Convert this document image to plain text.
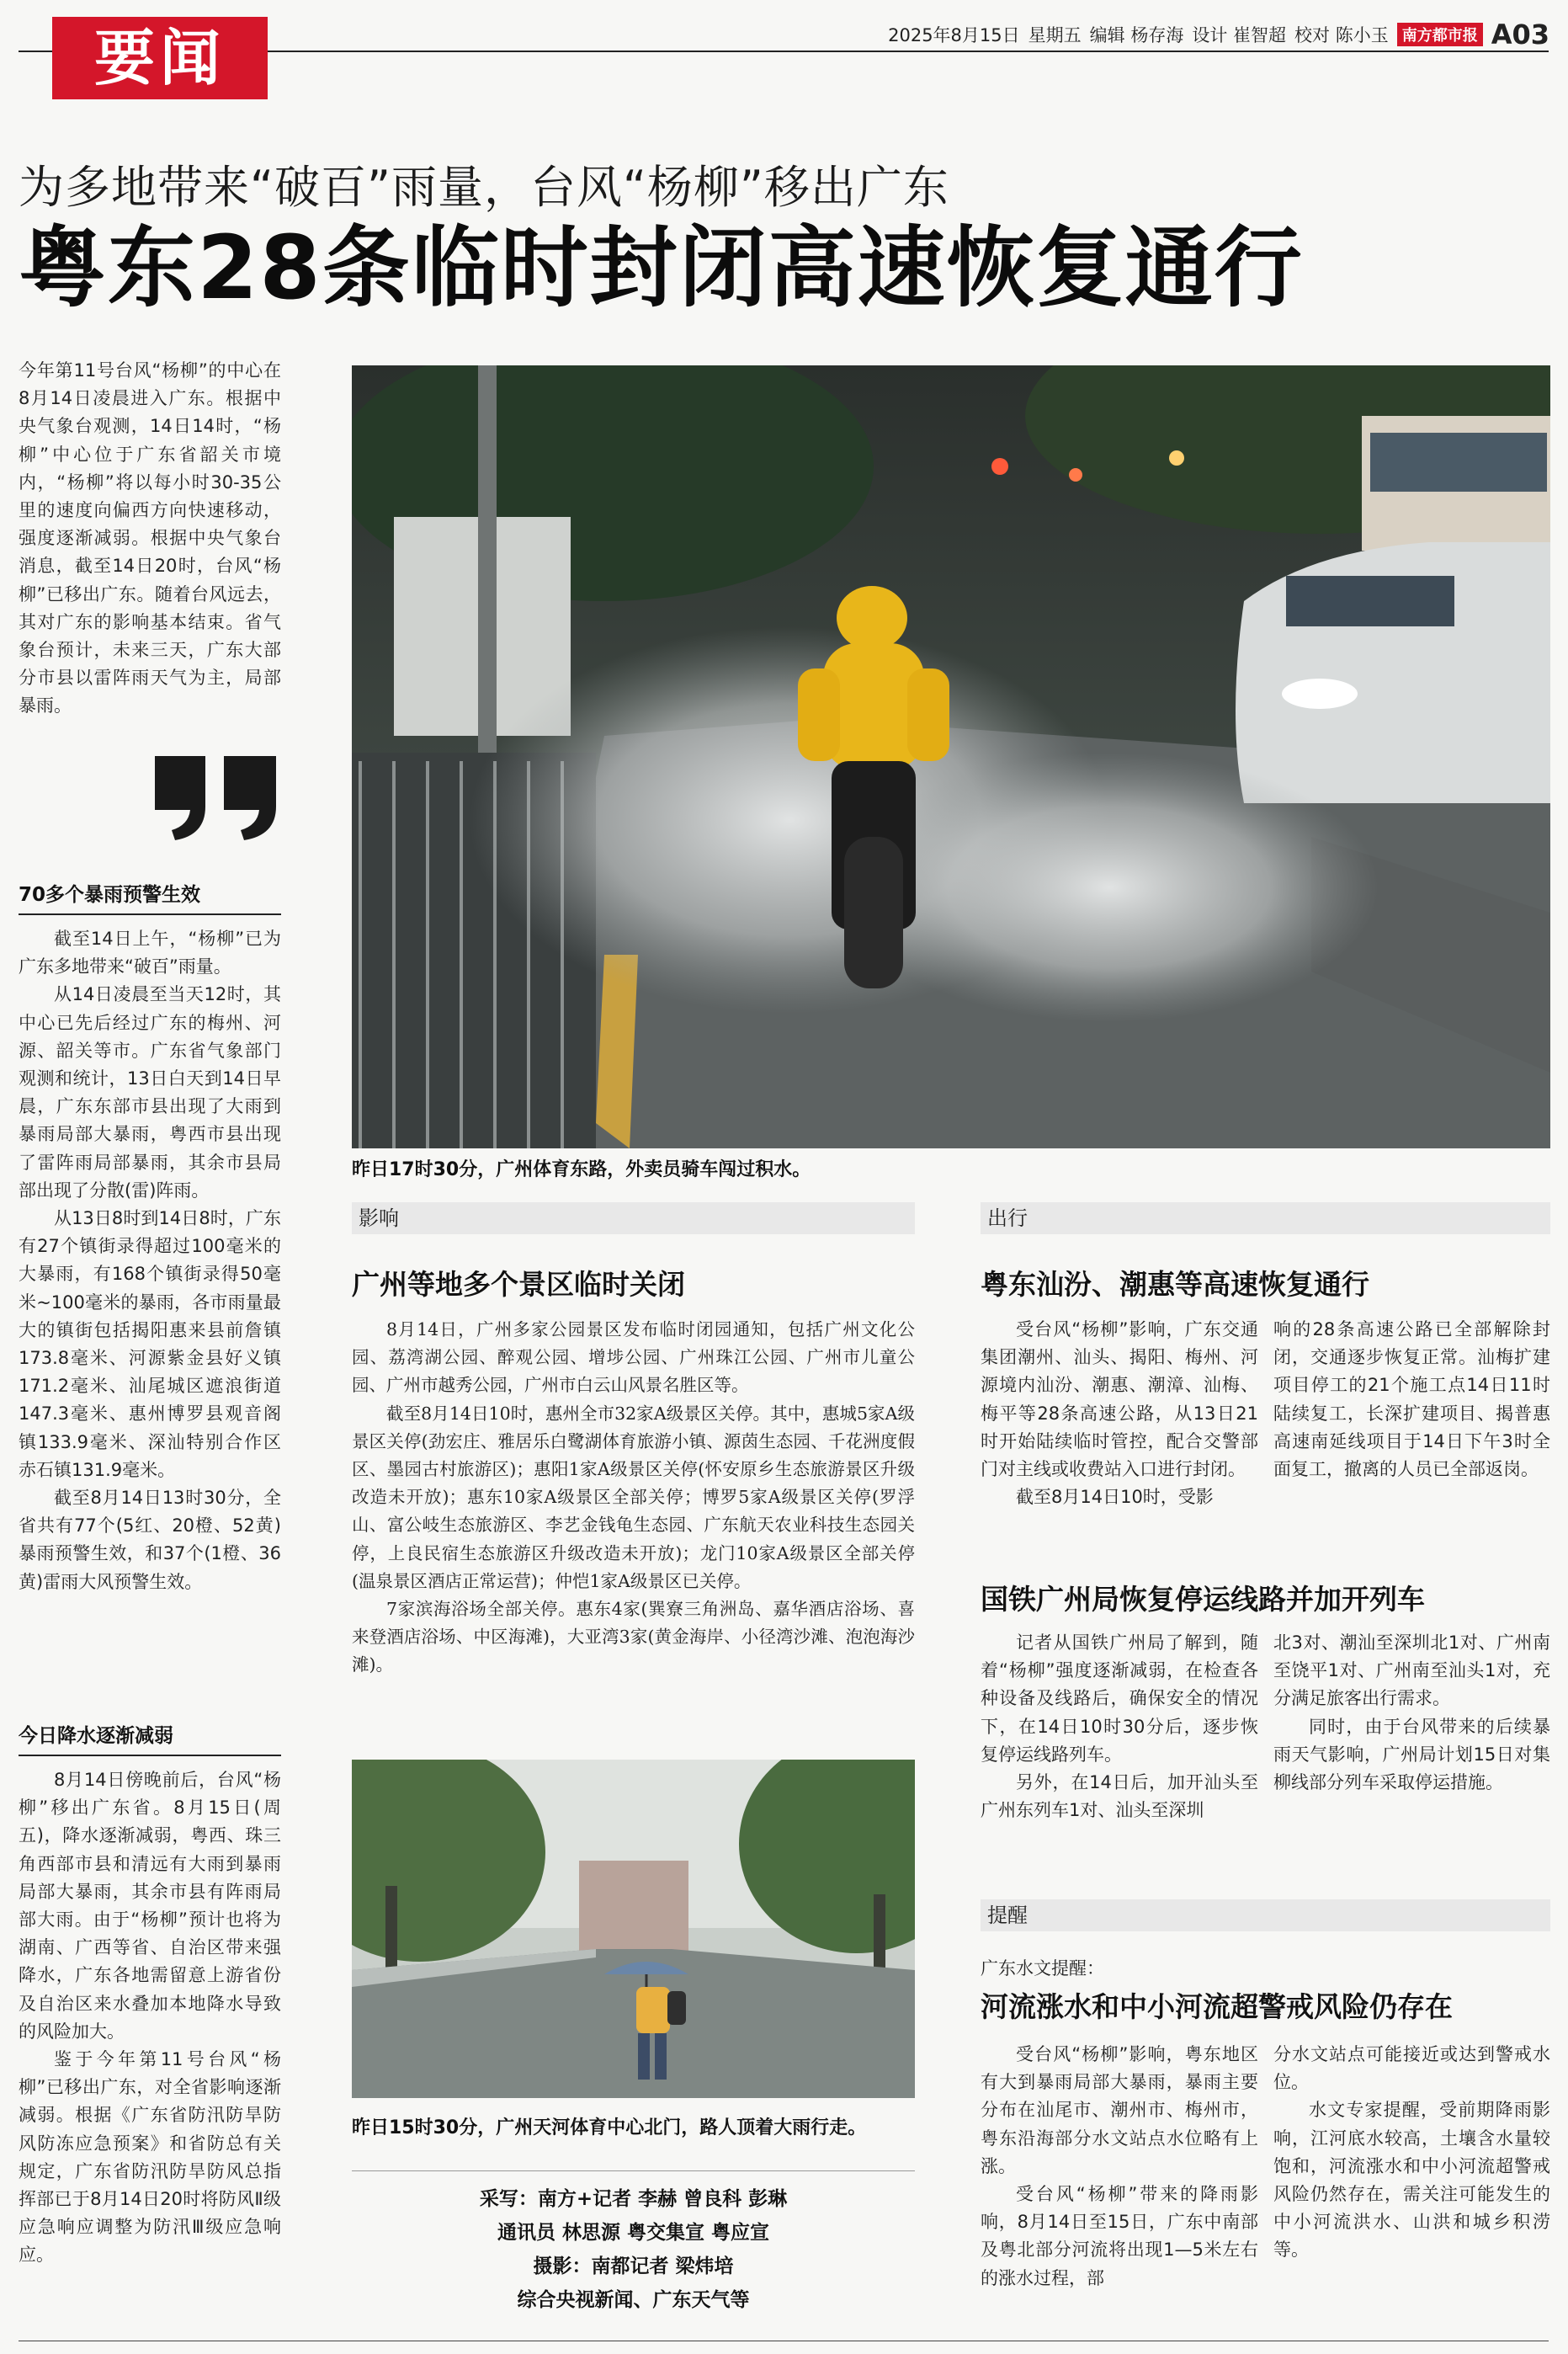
要闻	2025年8月15日 星期五 编辑 杨存海 设计 崔智超 校对 陈小玉 南方都市报 A03
为多地带来“破百”雨量，台风“杨柳”移出广东
粤东28条临时封闭高速恢复通行
今年第11号台风“杨柳”的中心在8月14日凌晨进入广东。根据中央气象台观测，14日14时，“杨柳”中心位于广东省韶关市境内，“杨柳”将以每小时30-35公里的速度向偏西方向快速移动，强度逐渐减弱。根据中央气象台消息，截至14日20时，台风“杨柳”已移出广东。随着台风远去，其对广东的影响基本结束。省气象台预计，未来三天，广东大部分市县以雷阵雨天气为主，局部暴雨。
70多个暴雨预警生效

截至14日上午，“杨柳”已为广东多地带来“破百”雨量。

从14日凌晨至当天12时，其中心已先后经过广东的梅州、河源、韶关等市。广东省气象部门观测和统计，13日白天到14日早晨，广东东部市县出现了大雨到暴雨局部大暴雨，粤西市县出现了雷阵雨局部暴雨，其余市县局部出现了分散(雷)阵雨。

从13日8时到14日8时，广东有27个镇街录得超过100毫米的大暴雨，有168个镇街录得50毫米~100毫米的暴雨，各市雨量最大的镇街包括揭阳惠来县前詹镇173.8毫米、河源紫金县好义镇171.2毫米、汕尾城区遮浪街道147.3毫米、惠州博罗县观音阁镇133.9毫米、深汕特别合作区赤石镇131.9毫米。

截至8月14日13时30分，全省共有77个(5红、20橙、52黄)暴雨预警生效，和37个(1橙、36黄)雷雨大风预警生效。

今日降水逐渐减弱

8月14日傍晚前后，台风“杨柳”移出广东省。8月15日(周五)，降水逐渐减弱，粤西、珠三角西部市县和清远有大雨到暴雨局部大暴雨，其余市县有阵雨局部大雨。由于“杨柳”预计也将为湖南、广西等省、自治区带来强降水，广东各地需留意上游省份及自治区来水叠加本地降水导致的风险加大。

鉴于今年第11号台风“杨柳”已移出广东，对全省影响逐渐减弱。根据《广东省防汛防旱防风防冻应急预案》和省防总有关规定，广东省防汛防旱防风总指挥部已于8月14日20时将防风Ⅱ级应急响应调整为防汛Ⅲ级应急响应。

昨日17时30分，广州体育东路，外卖员骑车闯过积水。
影响
广州等地多个景区临时关闭

8月14日，广州多家公园景区发布临时闭园通知，包括广州文化公园、荔湾湖公园、醉观公园、增埗公园、广州珠江公园、广州市儿童公园、广州市越秀公园，广州市白云山风景名胜区等。

截至8月14日10时，惠州全市32家A级景区关停。其中，惠城5家A级景区关停(劲宏庄、雅居乐白鹭湖体育旅游小镇、源茵生态园、千花洲度假区、墨园古村旅游区)；惠阳1家A级景区关停(怀安原乡生态旅游景区升级改造未开放)；惠东10家A级景区全部关停；博罗5家A级景区关停(罗浮山、富公岐生态旅游区、李艺金钱龟生态园、广东航天农业科技生态园关停，上良民宿生态旅游区升级改造未开放)；龙门10家A级景区全部关停(温泉景区酒店正常运营)；仲恺1家A级景区已关停。

7家滨海浴场全部关停。惠东4家(巽寮三角洲岛、嘉华酒店浴场、喜来登酒店浴场、中区海滩)，大亚湾3家(黄金海岸、小径湾沙滩、泡泡海沙滩)。

昨日15时30分，广州天河体育中心北门，路人顶着大雨行走。
采写：南方+记者 李赫 曾良科 彭琳
通讯员 林思源 粤交集宣 粤应宣
摄影：南都记者 梁炜培
综合央视新闻、广东天气等
出行
粤东汕汾、潮惠等高速恢复通行

受台风“杨柳”影响，广东交通集团潮州、汕头、揭阳、梅州、河源境内汕汾、潮惠、潮漳、汕梅、梅平等28条高速公路，从13日21时开始陆续临时管控，配合交警部门对主线或收费站入口进行封闭。

截至8月14日10时，受影

响的28条高速公路已全部解除封闭，交通逐步恢复正常。汕梅扩建项目停工的21个施工点14日11时陆续复工，长深扩建项目、揭普惠高速南延线项目于14日下午3时全面复工，撤离的人员已全部返岗。
国铁广州局恢复停运线路并加开列车

记者从国铁广州局了解到，随着“杨柳”强度逐渐减弱，在检查各种设备及线路后，确保安全的情况下，在14日10时30分后，逐步恢复停运线路列车。

另外，在14日后，加开汕头至广州东列车1对、汕头至深圳

北3对、潮汕至深圳北1对、广州南至饶平1对、广州南至汕头1对，充分满足旅客出行需求。

同时，由于台风带来的后续暴雨天气影响，广州局计划15日对集柳线部分列车采取停运措施。

提醒
广东水文提醒：
河流涨水和中小河流超警戒风险仍存在

受台风“杨柳”影响，粤东地区有大到暴雨局部大暴雨，暴雨主要分布在汕尾市、潮州市、梅州市，粤东沿海部分水文站点水位略有上涨。

受台风“杨柳”带来的降雨影响，8月14日至15日，广东中南部及粤北部分河流将出现1—5米左右的涨水过程，部

分水文站点可能接近或达到警戒水位。

水文专家提醒，受前期降雨影响，江河底水较高，土壤含水量较饱和，河流涨水和中小河流超警戒风险仍然存在，需关注可能发生的中小河流洪水、山洪和城乡积涝等。
